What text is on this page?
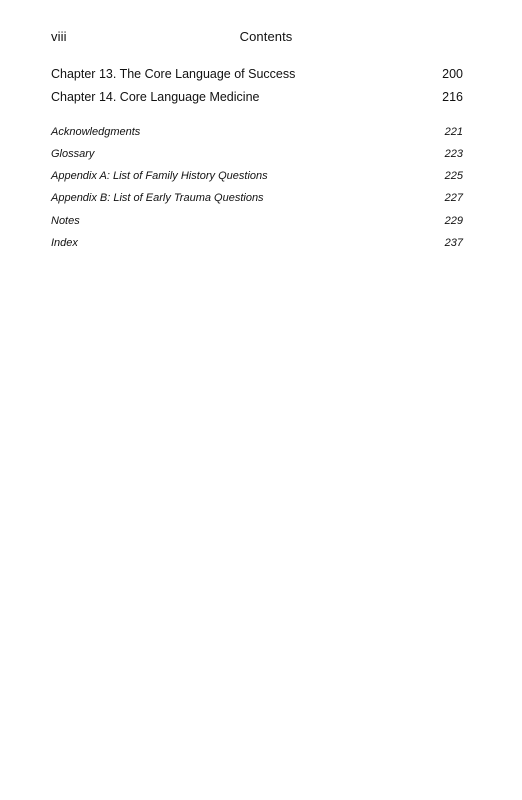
viii	Contents
Chapter 13. The Core Language of Success	200
Chapter 14. Core Language Medicine	216
Acknowledgments	221
Glossary	223
Appendix A: List of Family History Questions	225
Appendix B: List of Early Trauma Questions	227
Notes	229
Index	237
